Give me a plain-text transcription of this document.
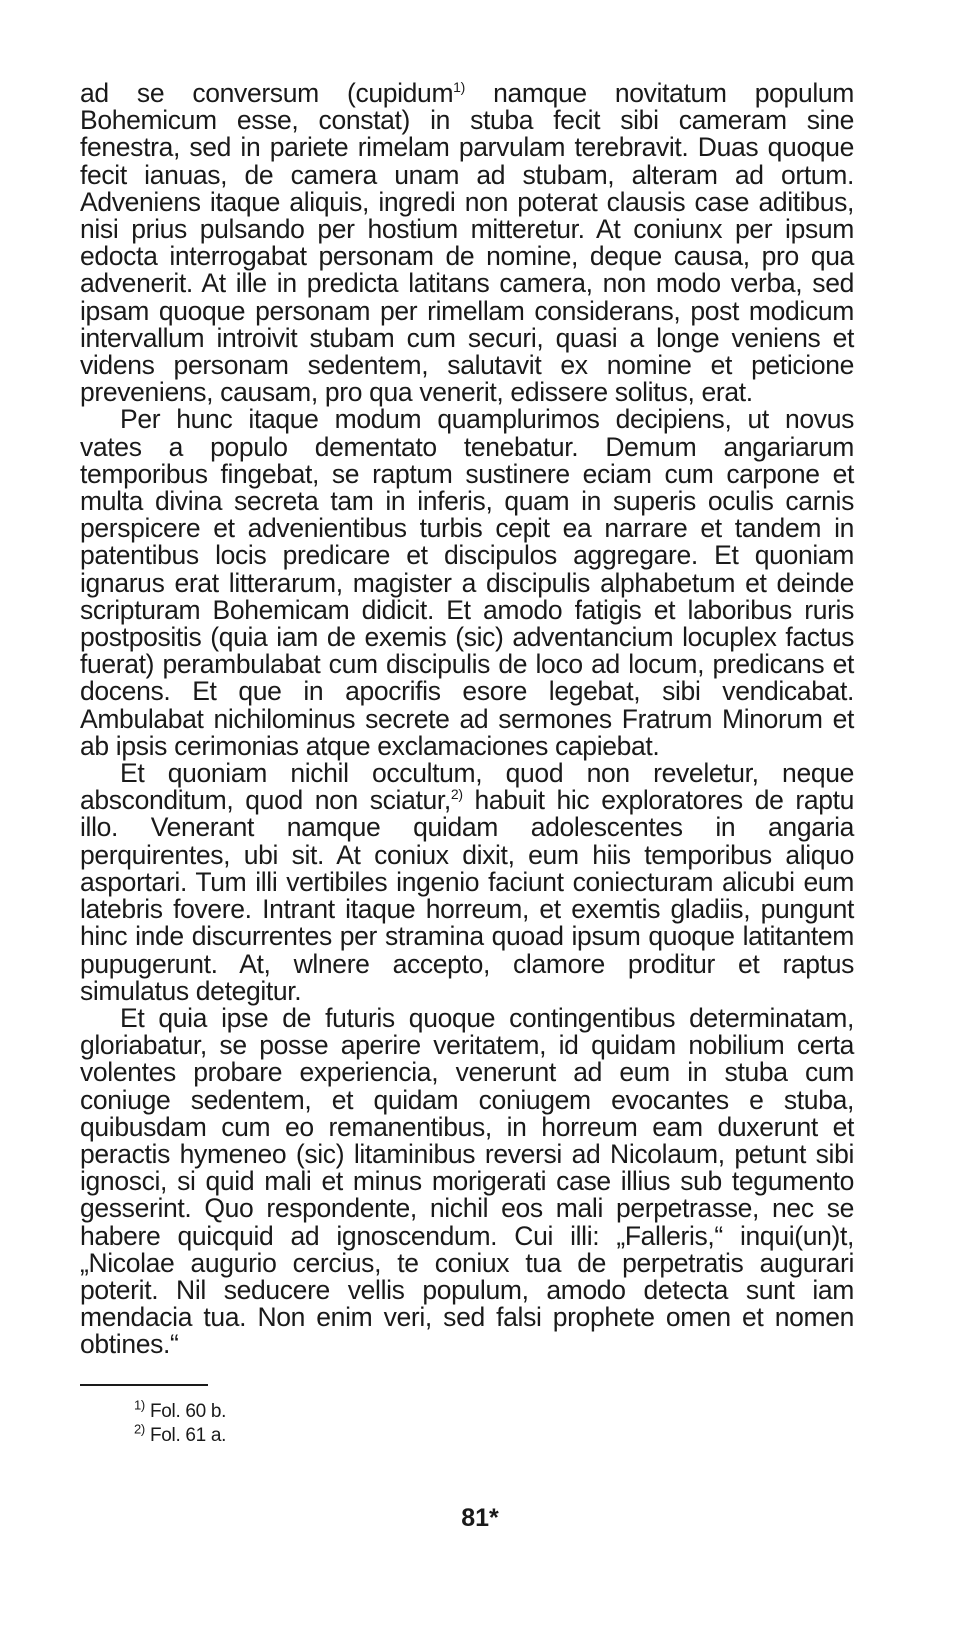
ad se conversum (cupidum$^{1)}$ namque novitatum populum Bohemicum esse, constat) in stuba fecit sibi cameram sine fenestra, sed in pariete rimelam parvulam terebravit. Duas quoque fecit ianuas, de camera unam ad stubam, alteram ad ortum. Adveniens itaque aliquis, ingredi non poterat clausis case aditibus, nisi prius pulsando per hostium mitteretur. At coniunx per ipsum edocta interrogabat personam de nomine, deque causa, pro qua advenerit. At ille in predicta latitans camera, non modo verba, sed ipsam quoque personam per rimellam considerans, post modicum intervallum introivit stubam cum securi, quasi a longe veniens et videns personam sedentem, salutavit ex nomine et peticione preveniens, causam, pro qua venerit, edissere solitus, erat.

Per hunc itaque modum quamplurimos decipiens, ut novus vates a populo dementato tenebatur. Demum angariarum temporibus fingebat, se raptum sustinere eciam cum carpone et multa divina secreta tam in inferis, quam in superis oculis carnis perspicere et advenientibus turbis cepit ea narrare et tandem in patentibus locis predicare et discipulos aggregare. Et quoniam ignarus erat litterarum, magister a discipulis alphabetum et deinde scripturam Bohemicam didicit. Et amodo fatigis et laboribus ruris postpositis (quia iam de exemis (sic) adventancium locuplex factus fuerat) perambulabat cum discipulis de loco ad locum, predicans et docens. Et que in apocrifis esore legebat, sibi vendicabat. Ambulabat nichilominus secrete ad sermones Fratrum Minorum et ab ipsis cerimonias atque exclamaciones capiebat.

Et quoniam nichil occultum, quod non reveletur, neque absconditum, quod non sciatur,$^{2)}$ habuit hic exploratores de raptu illo. Venerant namque quidam adolescentes in angaria perquirentes, ubi sit. At coniux dixit, eum hiis temporibus aliquo asportari. Tum illi vertibiles ingenio faciunt coniecturam alicubi eum latebris fovere. Intrant itaque horreum, et exemtis gladiis, pungunt hinc inde discurrentes per stramina quoad ipsum quoque latitantem pupugerunt. At, wlnere accepto, clamore proditur et raptus simulatus detegitur.

Et quia ipse de futuris quoque contingentibus determinatam, gloriabatur, se posse aperire veritatem, id quidam nobilium certa volentes probare experiencia, venerunt ad eum in stuba cum coniuge sedentem, et quidam coniugem evocantes e stuba, quibusdam cum eo remanentibus, in horreum eam duxerunt et peractis hymeneo (sic) litaminibus reversi ad Nicolaum, petunt sibi ignosci, si quid mali et minus morigerati case illius sub tegumento gesserint. Quo respondente, nichil eos mali perpetrasse, nec se habere quicquid ad ignoscendum. Cui illi: „Falleris,“ inqui(un)t, „Nicolae augurio cercius, te coniux tua de perpetratis augurari poterit. Nil seducere vellis populum, amodo detecta sunt iam mendacia tua. Non enim veri, sed falsi prophete omen et nomen obtines.“

$^{1)}$ Fol. 60 b.
$^{2)}$ Fol. 61 a.
81*
